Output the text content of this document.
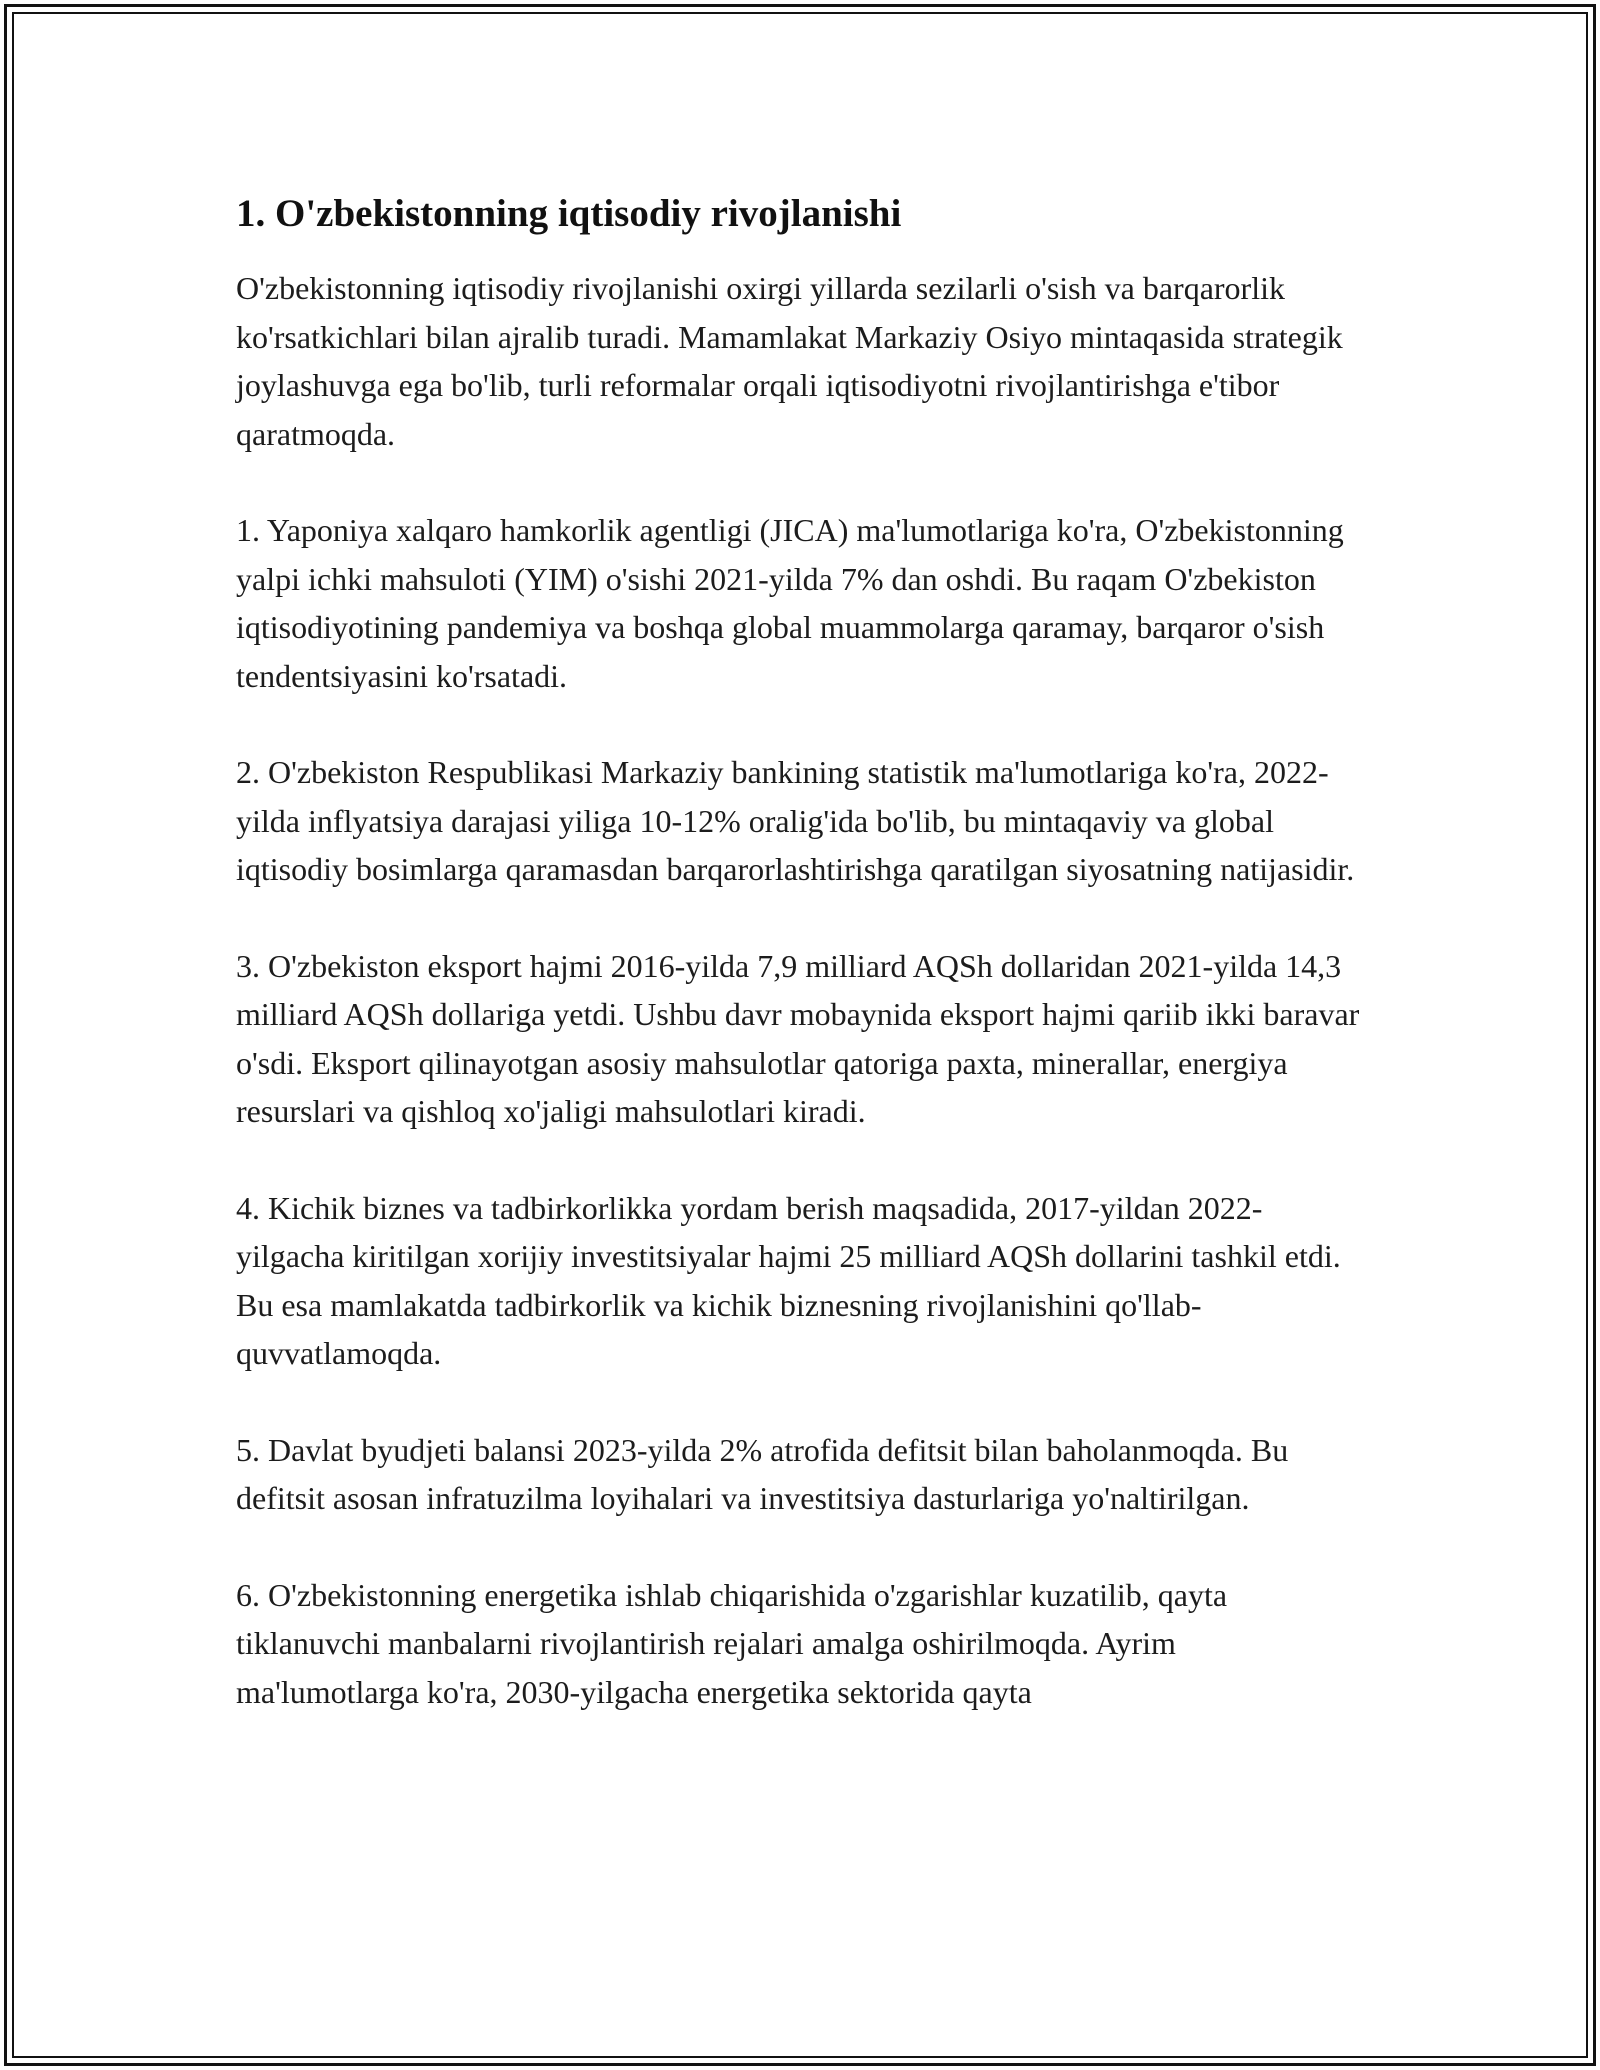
1. O'zbekistonning iqtisodiy rivojlanishi

O'zbekistonning iqtisodiy rivojlanishi oxirgi yillarda sezilarli o'sish va barqarorlik ko'rsatkichlari bilan ajralib turadi. Mamamlakat Markaziy Osiyo mintaqasida strategik joylashuvga ega bo'lib, turli reformalar orqali iqtisodiyotni rivojlantirishga e'tibor qaratmoqda.

1. Yaponiya xalqaro hamkorlik agentligi (JICA) ma'lumotlariga ko'ra, O'zbekistonning yalpi ichki mahsuloti (YIM) o'sishi 2021-yilda 7% dan oshdi. Bu raqam O'zbekiston iqtisodiyotining pandemiya va boshqa global muammolarga qaramay, barqaror o'sish tendentsiyasini ko'rsatadi.

2. O'zbekiston Respublikasi Markaziy bankining statistik ma'lumotlariga ko'ra, 2022-yilda inflyatsiya darajasi yiliga 10-12% oralig'ida bo'lib, bu mintaqaviy va global iqtisodiy bosimlarga qaramasdan barqarorlashtirishga qaratilgan siyosatning natijasidir.

3. O'zbekiston eksport hajmi 2016-yilda 7,9 milliard AQSh dollaridan 2021-yilda 14,3 milliard AQSh dollariga yetdi. Ushbu davr mobaynida eksport hajmi qariib ikki baravar o'sdi. Eksport qilinayotgan asosiy mahsulotlar qatoriga paxta, minerallar, energiya resurslari va qishloq xo'jaligi mahsulotlari kiradi.

4. Kichik biznes va tadbirkorlikka yordam berish maqsadida, 2017-yildan 2022-yilgacha kiritilgan xorijiy investitsiyalar hajmi 25 milliard AQSh dollarini tashkil etdi. Bu esa mamlakatda tadbirkorlik va kichik biznesning rivojlanishini qo'llab-quvvatlamoqda.

5. Davlat byudjeti balansi 2023-yilda 2% atrofida defitsit bilan baholanmoqda. Bu defitsit asosan infratuzilma loyihalari va investitsiya dasturlariga yo'naltirilgan.

6. O'zbekistonning energetika ishlab chiqarishida o'zgarishlar kuzatilib, qayta tiklanuvchi manbalarni rivojlantirish rejalari amalga oshirilmoqda. Ayrim ma'lumotlarga ko'ra, 2030-yilgacha energetika sektorida qayta
